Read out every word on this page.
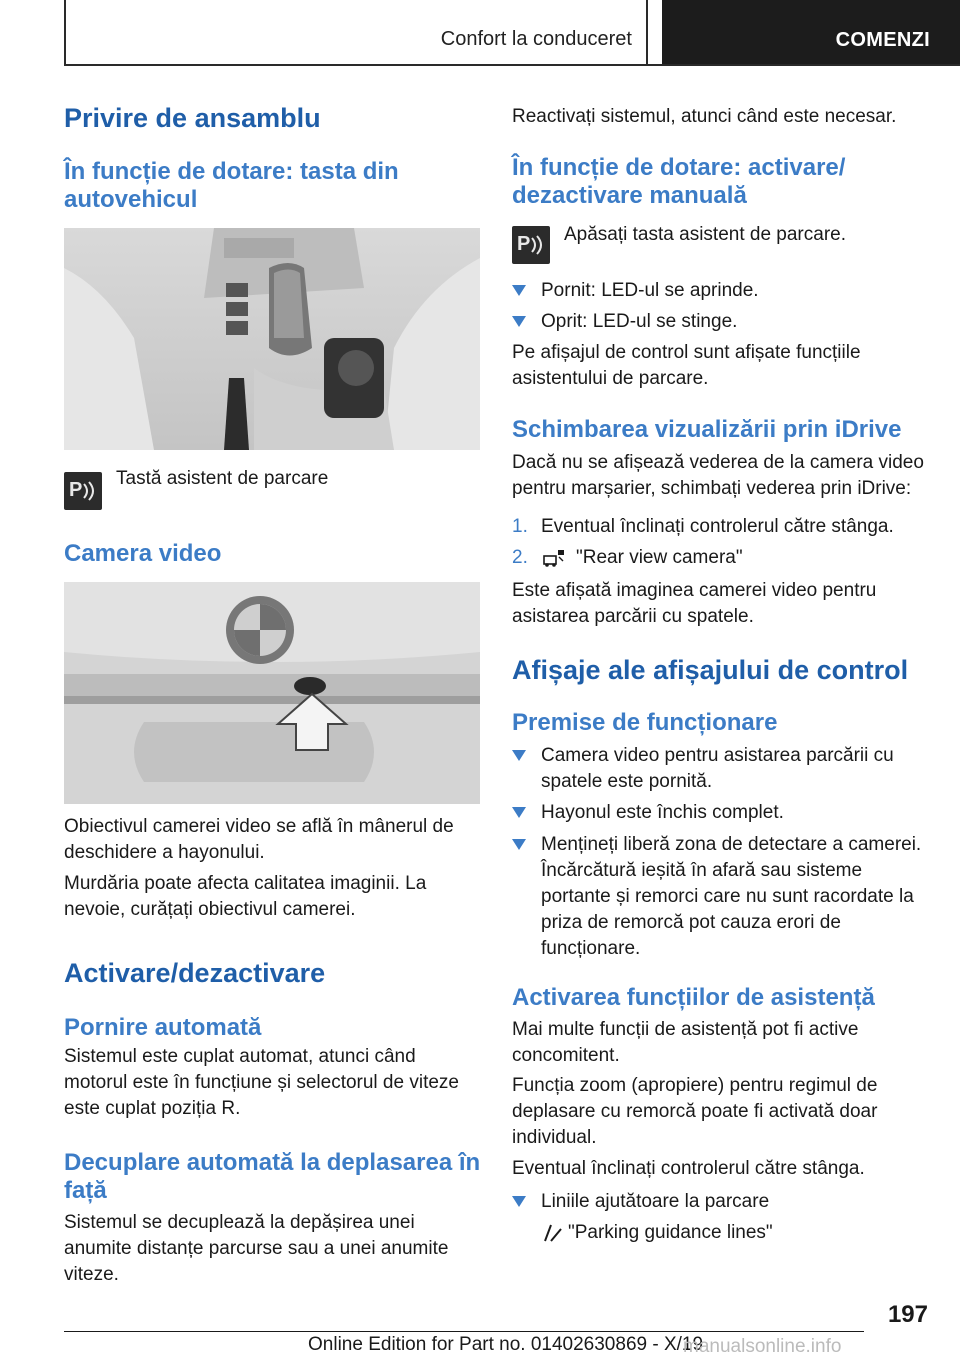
Confort la conduceret	COMENZI
Privire de ansamblu
În funcție de dotare: tasta din autovehicul
P

Tastă asistent de parcare

Camera video

Obiectivul camerei video se află în mânerul de deschidere a hayonului.

Murdăria poate afecta calitatea imaginii. La nevoie, curățați obiectivul camerei.

Activare/dezactivare
Pornire automată

Sistemul este cuplat automat, atunci când motorul este în funcțiune și selectorul de viteze este cuplat poziția R.

Decuplare automată la deplasarea în față

Sistemul se decuplează la depășirea unei anumite distanțe parcurse sau a unei anumite viteze.

Reactivați sistemul, atunci când este necesar.

În funcție de dotare: activare/ dezactivare manuală
P Apăsați tasta asistent de parcare.

Pornit: LED-ul se aprinde.
Oprit: LED-ul se stinge.

Pe afișajul de control sunt afișate funcțiile asistentului de parcare.

Schimbarea vizualizării prin iDrive

Dacă nu se afișează vederea de la camera video pentru marșarier, schimbați vederea prin iDrive:

1. Eventual înclinați controlerul către stânga.

2.	"Rear view camera"

Este afișată imaginea camerei video pentru asistarea parcării cu spatele.

Afișaje ale afișajului de control
Premise de funcționare
Camera video pentru asistarea parcării cu spatele este pornită.
Hayonul este închis complet.
Mențineți liberă zona de detectare a camerei. Încărcătură ieșită în afară sau sisteme portante și remorci care nu sunt racordate la priza de remorcă pot cauza erori de funcționare.
Activarea funcțiilor de asistență

Mai multe funcții de asistență pot fi active concomitent.

Funcția zoom (apropiere) pentru regimul de deplasare cu remorcă poate fi activată doar individual.

Eventual înclinați controlerul către stânga.

Liniile ajutătoare la parcare

"Parking guidance lines"

197
Online Edition for Part no. 01402630869 - X/19
manualsonline.info
